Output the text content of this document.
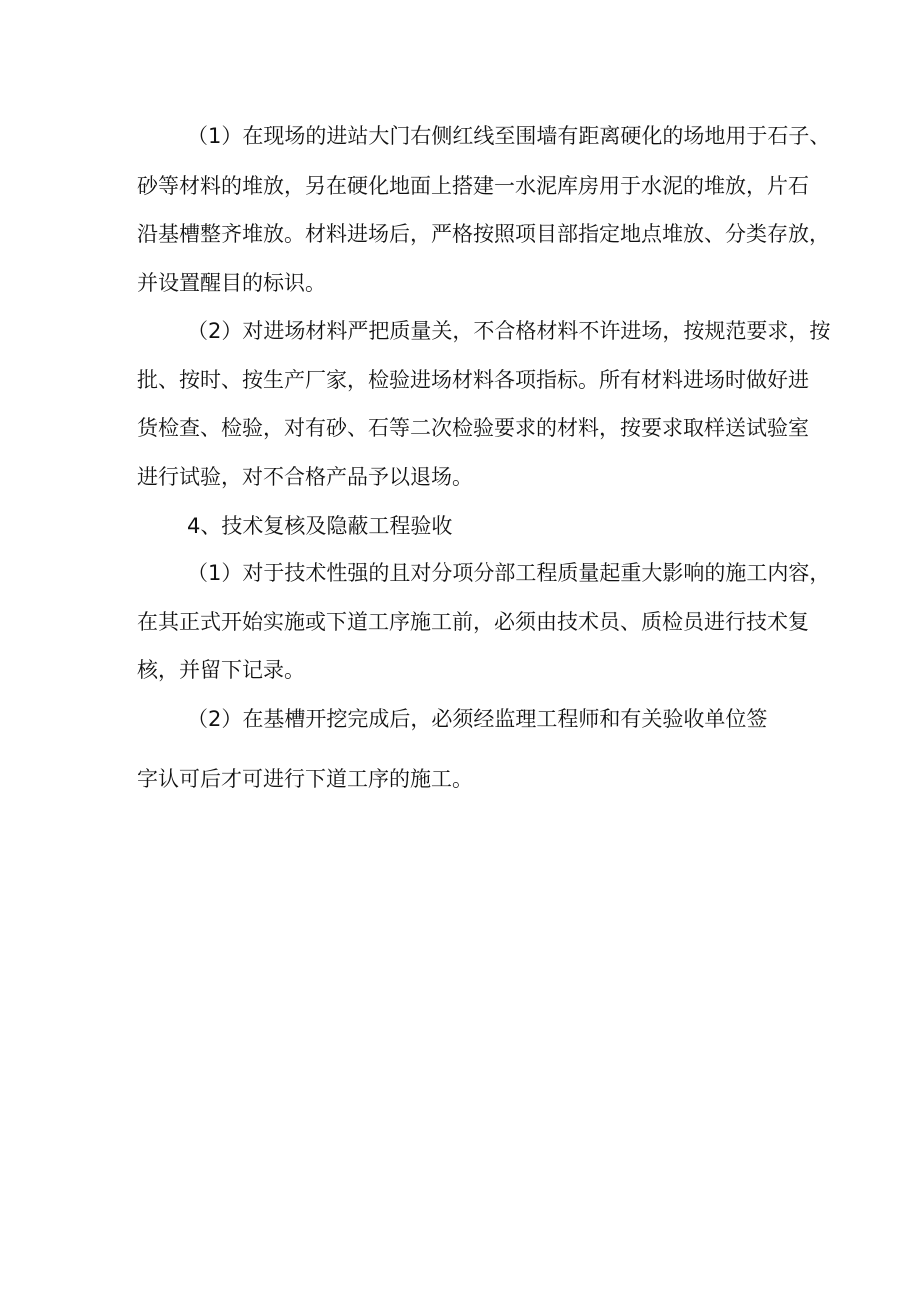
（1）在现场的进站大门右侧红线至围墙有距离硬化的场地用于石子、
砂等材料的堆放，另在硬化地面上搭建一水泥库房用于水泥的堆放，片石
沿基槽整齐堆放。材料进场后，严格按照项目部指定地点堆放、分类存放，
并设置醒目的标识。
（2）对进场材料严把质量关，不合格材料不许进场，按规范要求，按
批、按时、按生产厂家，检验进场材料各项指标。所有材料进场时做好进
货检查、检验，对有砂、石等二次检验要求的材料，按要求取样送试验室
进行试验，对不合格产品予以退场。
4、技术复核及隐蔽工程验收
（1）对于技术性强的且对分项分部工程质量起重大影响的施工内容，
在其正式开始实施或下道工序施工前，必须由技术员、质检员进行技术复
核，并留下记录。
（2）在基槽开挖完成后，必须经监理工程师和有关验收单位签
字认可后才可进行下道工序的施工。
